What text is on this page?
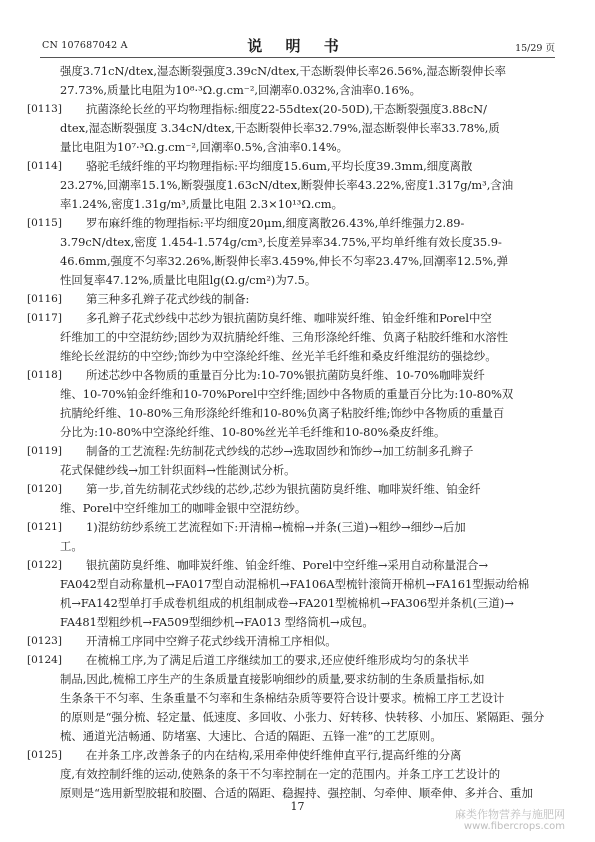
CN 107687042 A	说 明 书	15/29 页
强度3.71cN/dtex,湿态断裂强度3.39cN/dtex,干态断裂伸长率26.56%,湿态断裂伸长率
27.73%,质量比电阻为10⁸·³Ω.g.cm⁻²,回潮率0.032%,含油率0.16%。
[0113] 抗菌涤纶长丝的平均物理指标:细度22-55dtex(20-50D),干态断裂强度3.88cN/
dtex,湿态断裂强度 3.34cN/dtex,干态断裂伸长率32.79%,湿态断裂伸长率33.78%,质
量比电阻为10⁷·³Ω.g.cm⁻²,回潮率0.5%,含油率0.14%。
[0114] 骆驼毛绒纤维的平均物理指标:平均细度15.6um,平均长度39.3mm,细度离散
23.27%,回潮率15.1%,断裂强度1.63cN/dtex,断裂伸长率43.22%,密度1.317g/m³,含油
率1.24%,密度1.31g/m³,质量比电阻 2.3×10¹³Ω.cm。
[0115] 罗布麻纤维的物理指标:平均细度20μm,细度离散26.43%,单纤维强力2.89-
3.79cN/dtex,密度 1.454-1.574g/cm³,长度差异率34.75%,平均单纤维有效长度35.9-
46.6mm,强度不匀率32.26%,断裂伸长率3.459%,伸长不匀率23.47%,回潮率12.5%,弹
性回复率47.12%,质量比电阻lg(Ω.g/cm²)为7.5。
[0116] 第三种多孔辫子花式纱线的制备:
[0117] 多孔辫子花式纱线中芯纱为银抗菌防臭纤维、咖啡炭纤维、铂金纤维和Porel中空
纤维加工的中空混纺纱;固纱为双抗腈纶纤维、三角形涤纶纤维、负离子粘胶纤维和水溶性
维纶长丝混纺的中空纱;饰纱为中空涤纶纤维、丝光羊毛纤维和桑皮纤维混纺的强捻纱。
[0118] 所述芯纱中各物质的重量百分比为:10-70%银抗菌防臭纤维、10-70%咖啡炭纤
维、10-70%铂金纤维和10-70%Porel中空纤维;固纱中各物质的重量百分比为:10-80%双
抗腈纶纤维、10-80%三角形涤纶纤维和10-80%负离子粘胶纤维;饰纱中各物质的重量百
分比为:10-80%中空涤纶纤维、10-80%丝光羊毛纤维和10-80%桑皮纤维。
[0119] 制备的工艺流程:先纺制花式纱线的芯纱→选取固纱和饰纱→加工纺制多孔辫子
花式保健纱线→加工针织面料→性能测试分析。
[0120] 第一步,首先纺制花式纱线的芯纱,芯纱为银抗菌防臭纤维、咖啡炭纤维、铂金纤
维、Porel中空纤维加工的咖啡金银中空混纺纱。
[0121] 1)混纺纺纱系统工艺流程如下:开清棉→梳棉→并条(三道)→粗纱→细纱→后加
工。
[0122] 银抗菌防臭纤维、咖啡炭纤维、铂金纤维、Porel中空纤维→采用自动称量混合→
FA042型自动称量机→FA017型自动混棉机→FA106A型梳针滚筒开棉机→FA161型振动给棉
机→FA142型单打手成卷机组成的机组制成卷→FA201型梳棉机→FA306型并条机(三道)→
FA481型粗纱机→FA509型细纱机→FA013 型络筒机→成包。
[0123] 开清棉工序同中空辫子花式纱线开清棉工序相似。
[0124] 在梳棉工序,为了满足后道工序继续加工的要求,还应使纤维形成均匀的条状半
制品,因此,梳棉工序生产的生条质量直接影响细纱的质量,要求纺制的生条质量指标,如
生条条干不匀率、生条重量不匀率和生条棉结杂质等要符合设计要求。梳棉工序工艺设计
的原则是“强分梳、轻定量、低速度、多回收、小张力、好转移、快转移、小加压、紧隔距、强分
梳、通道光洁畅通、防堵塞、大速比、合适的隔距、五锋一准”的工艺原则。
[0125] 在并条工序,改善条子的内在结构,采用牵伸使纤维伸直平行,提高纤维的分离
度,有效控制纤维的运动,使熟条的条干不匀率控制在一定的范围内。并条工序工艺设计的
原则是“选用新型胶辊和胶圈、合适的隔距、稳握持、强控制、匀牵伸、顺牵伸、多并合、重加
17
麻类作物营养与施肥网
www.fibercrops.com
